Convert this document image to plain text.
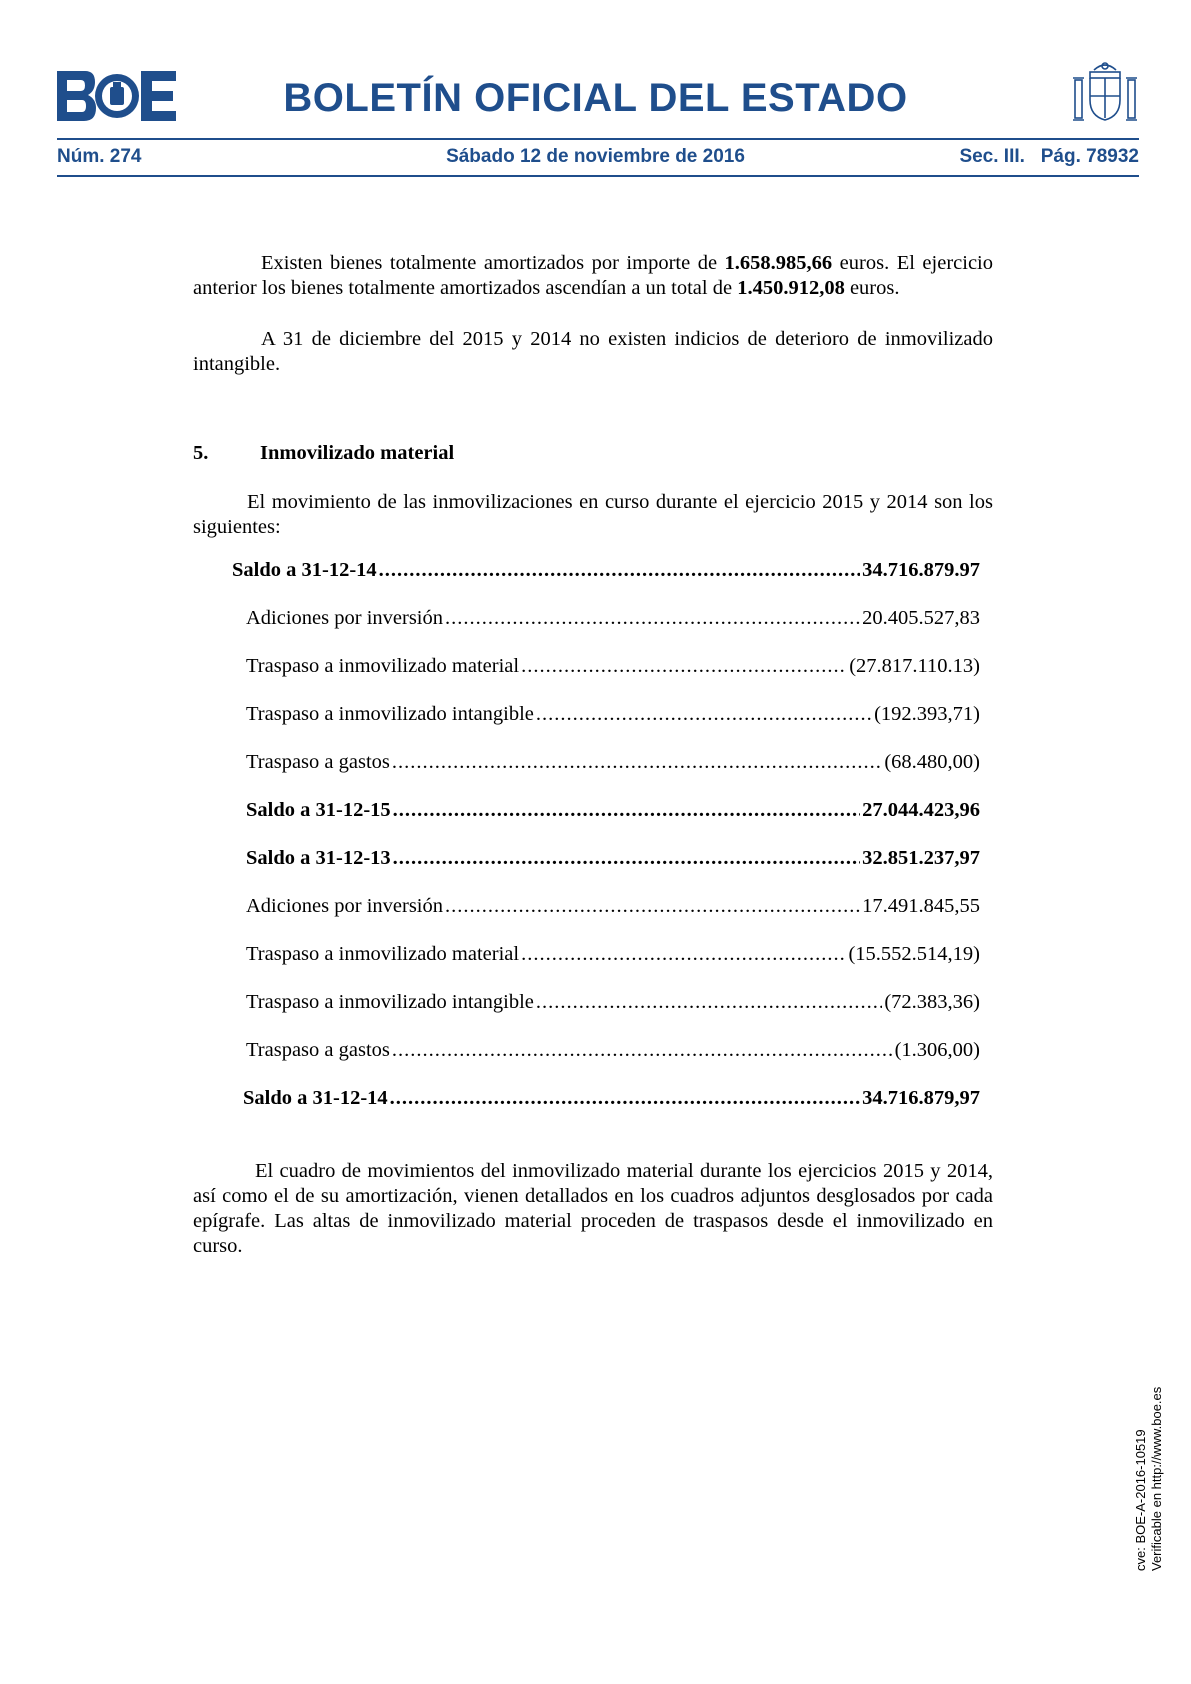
BOLETÍN OFICIAL DEL ESTADO
Núm. 274	Sábado 12 de noviembre de 2016	Sec. III.   Pág. 78932
Existen bienes totalmente amortizados por importe de 1.658.985,66 euros. El ejercicio anterior los bienes totalmente amortizados ascendían a un total de 1.450.912,08 euros.
A 31 de diciembre del 2015 y 2014 no existen indicios de deterioro de inmovilizado intangible.
5.	Inmovilizado material
El movimiento de las inmovilizaciones en curso durante el ejercicio 2015 y 2014 son los siguientes:
Saldo a 31-12-14 .....	34.716.879.97
Adiciones por inversión .....	20.405.527,83
Traspaso a inmovilizado material .....	(27.817.110.13)
Traspaso a inmovilizado intangible .....	(192.393,71)
Traspaso a gastos .....	(68.480,00)
Saldo a 31-12-15 .....	27.044.423,96
Saldo a 31-12-13 .....	32.851.237,97
Adiciones por inversión .....	17.491.845,55
Traspaso a inmovilizado material .....	(15.552.514,19)
Traspaso a inmovilizado intangible .....	(72.383,36)
Traspaso a gastos .....	(1.306,00)
Saldo a 31-12-14 .....	34.716.879,97
El cuadro de movimientos del inmovilizado material durante los ejercicios 2015 y 2014, así como el de su amortización, vienen detallados en los cuadros adjuntos desglosados por cada epígrafe. Las altas de inmovilizado material proceden de traspasos desde el inmovilizado en curso.
cve: BOE-A-2016-10519 Verificable en http://www.boe.es
